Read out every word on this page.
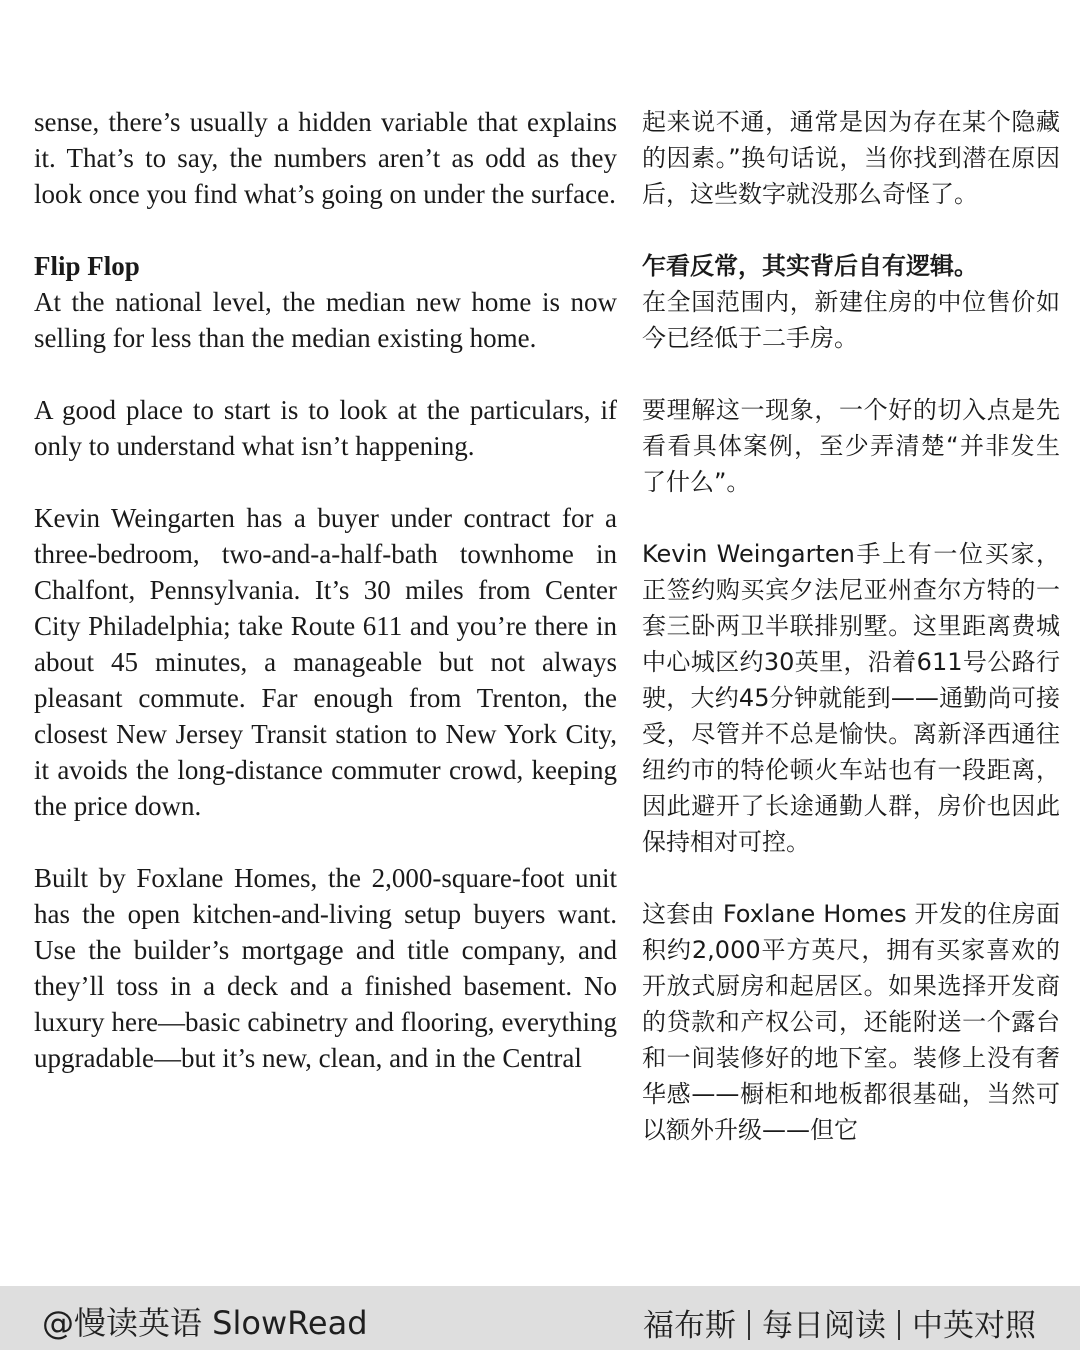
sense, there’s usually a hidden variable that explains it. That’s to say, the numbers aren’t as odd as they look once you find what’s going on under the surface.

Flip Flop
At the national level, the median new home is now selling for less than the median existing home.

A good place to start is to look at the particulars, if only to understand what isn’t happening.

Kevin Weingarten has a buyer under contract for a three-bedroom, two-and-a-half-bath townhome in Chalfont, Pennsylvania. It’s 30 miles from Center City Philadelphia; take Route 611 and you’re there in about 45 minutes, a manageable but not always pleasant commute. Far enough from Trenton, the closest New Jersey Transit station to New York City, it avoids the long-distance commuter crowd, keeping the price down.

Built by Foxlane Homes, the 2,000-square-foot unit has the open kitchen-and-living setup buyers want. Use the builder’s mortgage and title company, and they’ll toss in a deck and a finished basement. No luxury here—basic cabinetry and flooring, everything upgradable—but it’s new, clean, and in the Central

起来说不通，通常是因为存在某个隐藏的因素。”换句话说，当你找到潜在原因后，这些数字就没那么奇怪了。

乍看反常，其实背后自有逻辑。
在全国范围内，新建住房的中位售价如今已经低于二手房。

要理解这一现象，一个好的切入点是先看看具体案例，至少弄清楚“并非发生了什么”。

Kevin Weingarten手上有一位买家，正签约购买宾夕法尼亚州查尔方特的一套三卧两卫半联排别墅。这里距离费城中心城区约30英里，沿着611号公路行驶，大约45分钟就能到——通勤尚可接受，尽管并不总是愉快。离新泽西通往纽约市的特伦顿火车站也有一段距离，因此避开了长途通勤人群，房价也因此保持相对可控。

这套由 Foxlane Homes 开发的住房面积约2,000平方英尺，拥有买家喜欢的开放式厨房和起居区。如果选择开发商的贷款和产权公司，还能附送一个露台和一间装修好的地下室。装修上没有奢华感——橱柜和地板都很基础，当然可以额外升级——但它

@慢读英语 SlowRead	福布斯 每日阅读 中英对照
